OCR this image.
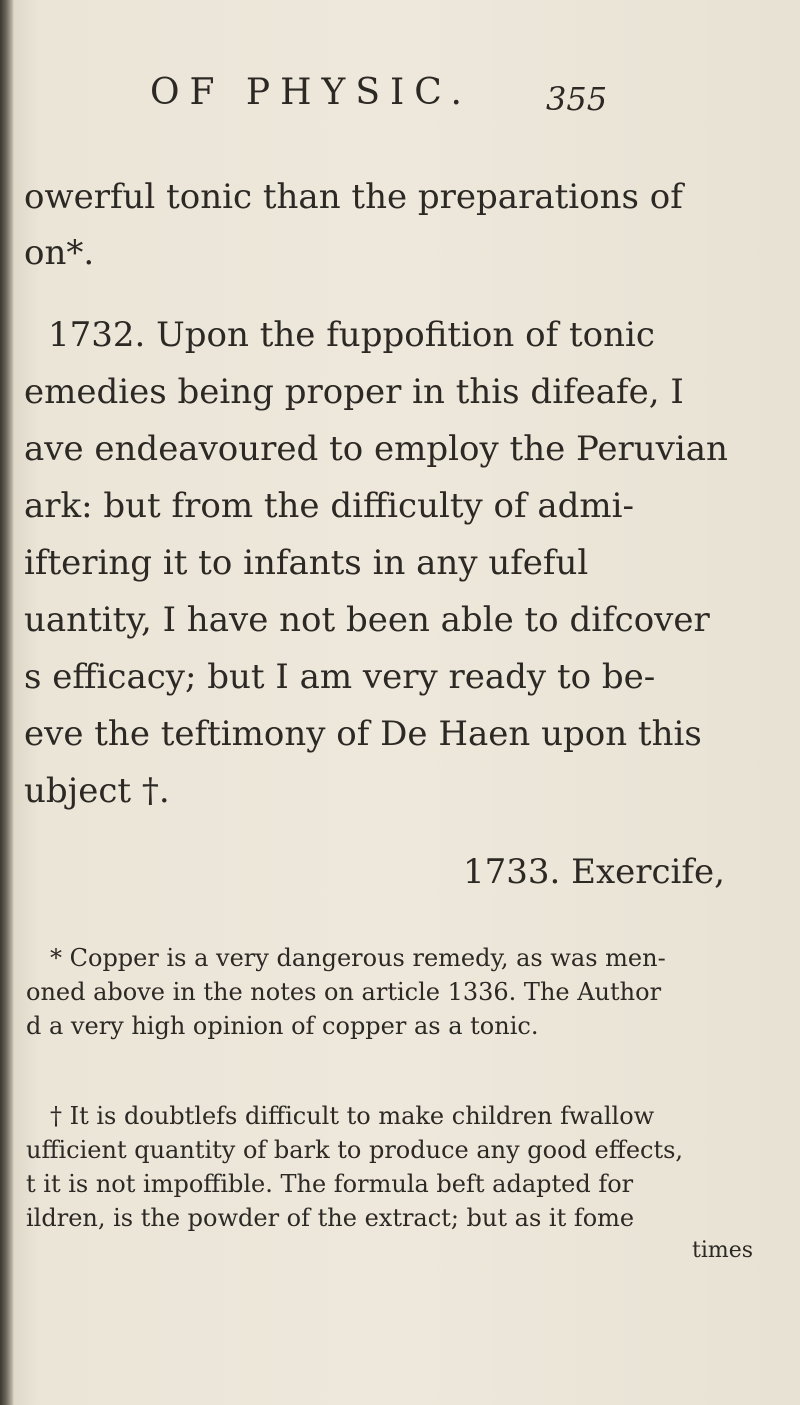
OF PHYSIC. 355
owerful tonic than the preparations of
on*.
1732. Upon the fuppofition of tonic
emedies being proper in this difeafe, I
ave endeavoured to employ the Peruvian
ark: but from the difficulty of admi-
iftering it to infants in any ufeful
uantity, I have not been able to difcover
s efficacy; but I am very ready to be-
eve the teftimony of De Haen upon this
ubject †.
1733. Exercife,
* Copper is a very dangerous remedy, as was men-
oned above in the notes on article 1336. The Author
d a very high opinion of copper as a tonic.
† It is doubtlefs difficult to make children fwallow
ufficient quantity of bark to produce any good effects,
t it is not impoffible. The formula beft adapted for
ildren, is the powder of the extract; but as it fome
times
